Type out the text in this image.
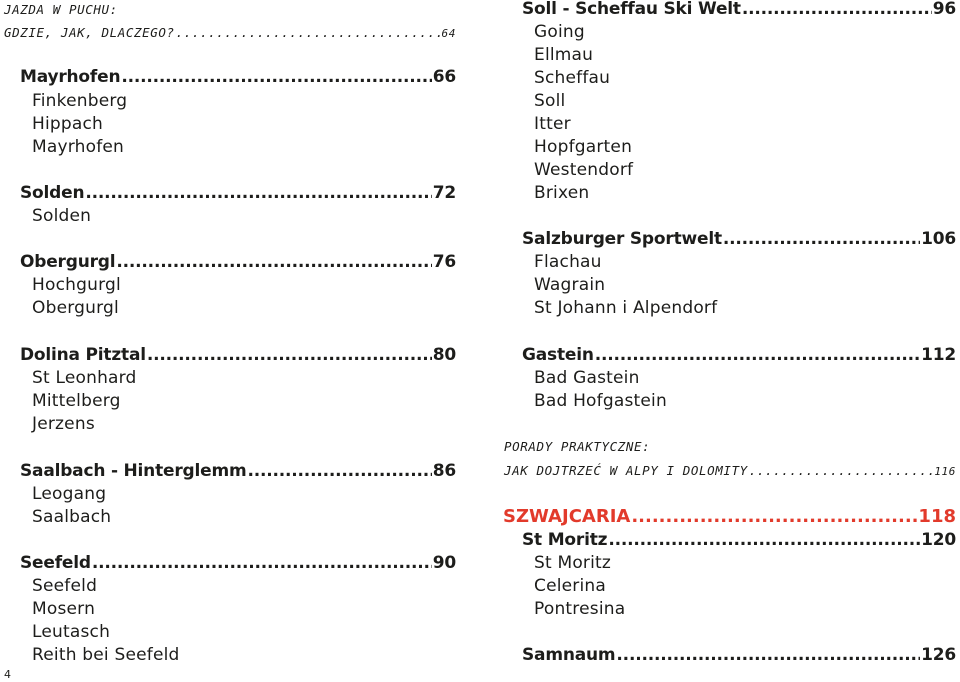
JAZDA W PUCHU:
GDZIE, JAK, DLACZEGO? .....	64
Mayrhofen .....	66
Finkenberg
Hippach
Mayrhofen
Solden .....	72
Solden
Obergurgl .....	76
Hochgurgl
Obergurgl
Dolina Pitztal .....	80
St Leonhard
Mittelberg
Jerzens
Saalbach - Hinterglemm .....	86
Leogang
Saalbach
Seefeld .....	90
Seefeld
Mosern
Leutasch
Reith bei Seefeld
Soll - Scheffau Ski Welt .....	96
Going
Ellmau
Scheffau
Soll
Itter
Hopfgarten
Westendorf
Brixen
Salzburger Sportwelt .....	106
Flachau
Wagrain
St Johann i Alpendorf
Gastein .....	112
Bad Gastein
Bad Hofgastein
PORADY PRAKTYCZNE:
JAK DOJTRZEĆ W ALPY I DOLOMITY .....	116
SZWAJCARIA .....	118
St Moritz .....	120
St Moritz
Celerina
Pontresina
Samnaum .....	126
4
